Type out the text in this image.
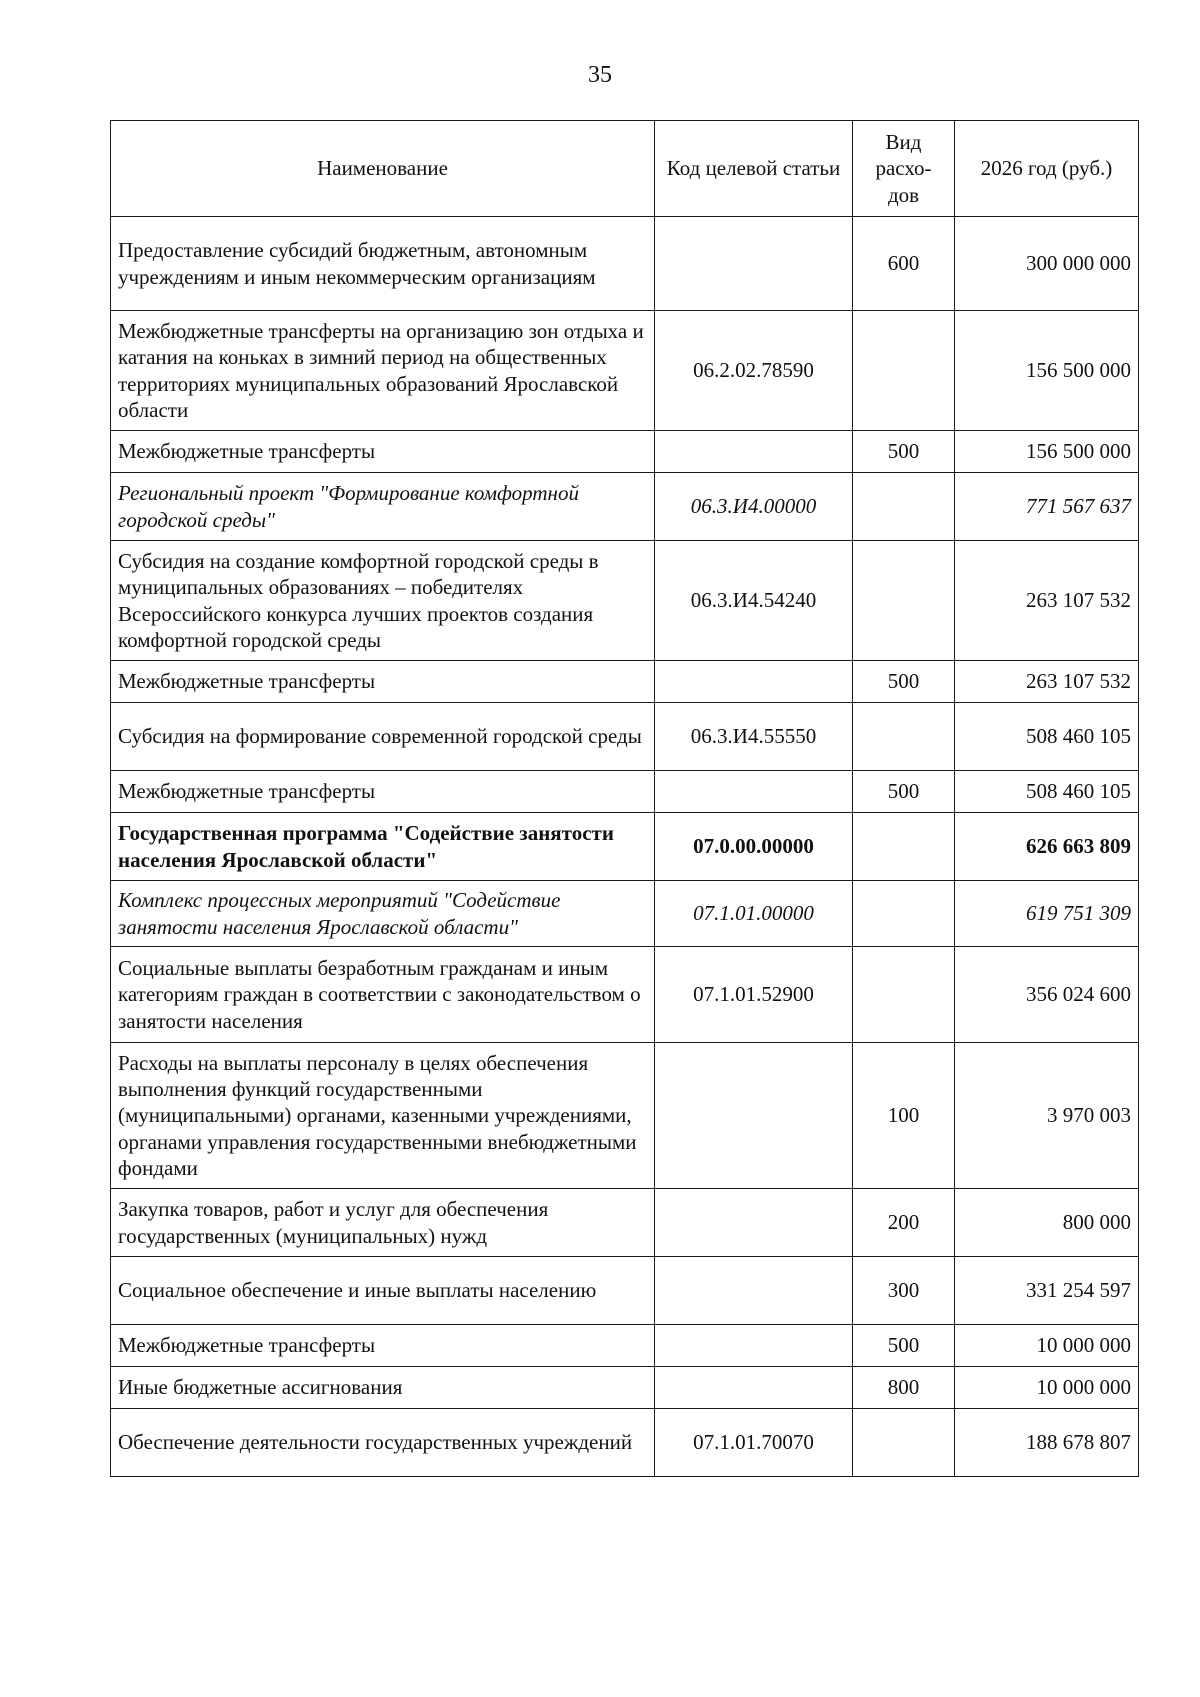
35
Наименование	Код целевой статьи	Вид расхо-дов	2026 год (руб.)
Предоставление субсидий бюджетным, автономным учреждениям и иным некоммерческим организациям		600	300 000 000
Межбюджетные трансферты на организацию зон отдыха и катания на коньках в зимний период на общественных территориях муниципальных образований Ярославской области	06.2.02.78590		156 500 000
Межбюджетные трансферты		500	156 500 000
Региональный проект "Формирование комфортной городской среды"	06.3.И4.00000		771 567 637
Субсидия на создание комфортной городской среды в муниципальных образованиях – победителях Всероссийского конкурса лучших проектов создания комфортной городской среды	06.3.И4.54240		263 107 532
Межбюджетные трансферты		500	263 107 532
Субсидия на формирование современной городской среды	06.3.И4.55550		508 460 105
Межбюджетные трансферты		500	508 460 105
Государственная программа "Содействие занятости населения Ярославской области"	07.0.00.00000		626 663 809
Комплекс процессных мероприятий "Содействие занятости населения Ярославской области"	07.1.01.00000		619 751 309
Социальные выплаты безработным гражданам и иным категориям граждан в соответствии с законодательством о занятости населения	07.1.01.52900		356 024 600
Расходы на выплаты персоналу в целях обеспечения выполнения функций государственными (муниципальными) органами, казенными учреждениями, органами управления государственными внебюджетными фондами		100	3 970 003
Закупка товаров, работ и услуг для обеспечения государственных (муниципальных) нужд		200	800 000
Социальное обеспечение и иные выплаты населению		300	331 254 597
Межбюджетные трансферты		500	10 000 000
Иные бюджетные ассигнования		800	10 000 000
Обеспечение деятельности государственных учреждений	07.1.01.70070		188 678 807
